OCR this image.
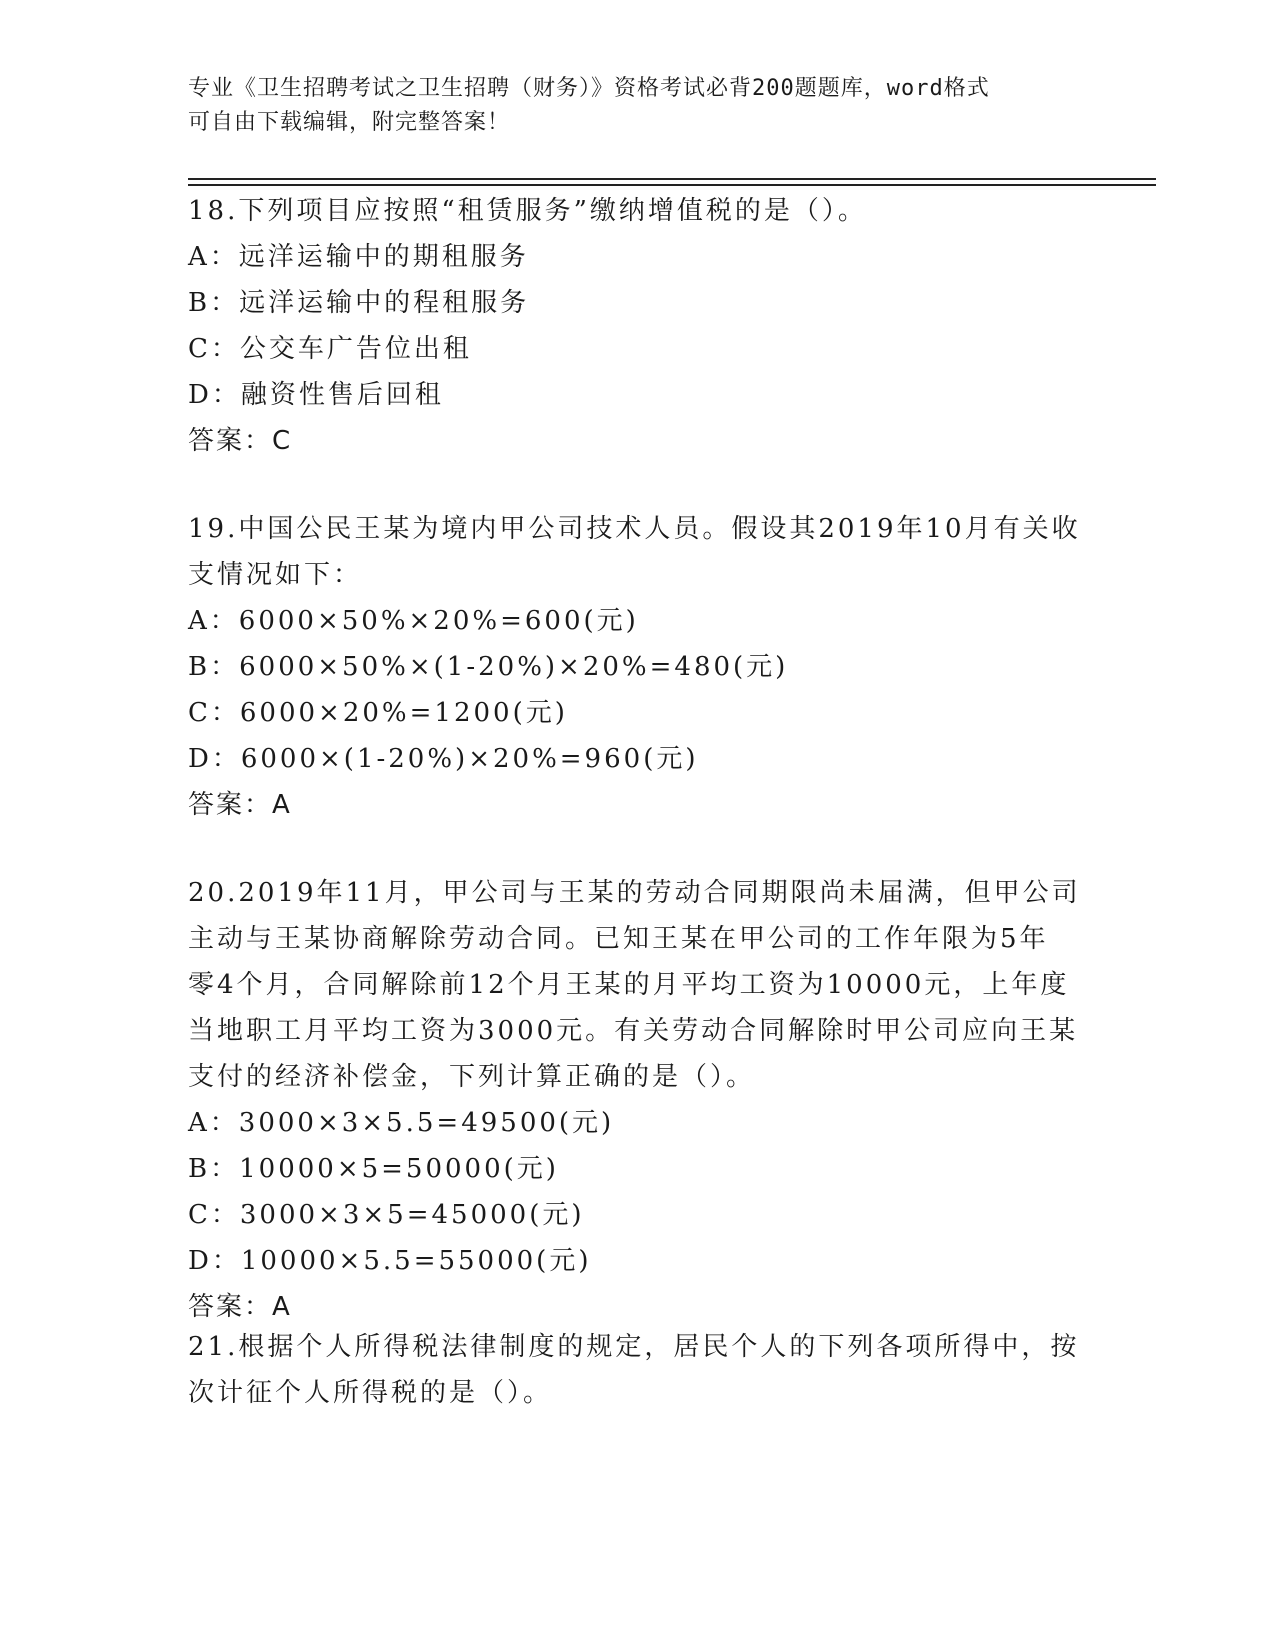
专业《卫生招聘考试之卫生招聘（财务）》资格考试必背200题题库，word格式
可自由下载编辑，附完整答案！
18.下列项目应按照“租赁服务”缴纳增值税的是（）。
A：远洋运输中的期租服务
B：远洋运输中的程租服务
C：公交车广告位出租
D：融资性售后回租
答案：C
19.中国公民王某为境内甲公司技术人员。假设其2019年10月有关收
支情况如下：
A：6000×50%×20%=600(元)
B：6000×50%×(1-20%)×20%=480(元)
C：6000×20%=1200(元)
D：6000×(1-20%)×20%=960(元)
答案：A
20.2019年11月，甲公司与王某的劳动合同期限尚未届满，但甲公司
主动与王某协商解除劳动合同。已知王某在甲公司的工作年限为5年
零4个月，合同解除前12个月王某的月平均工资为10000元，上年度
当地职工月平均工资为3000元。有关劳动合同解除时甲公司应向王某
支付的经济补偿金，下列计算正确的是（）。
A：3000×3×5.5=49500(元)
B：10000×5=50000(元)
C：3000×3×5=45000(元)
D：10000×5.5=55000(元)
答案：A
21.根据个人所得税法律制度的规定，居民个人的下列各项所得中，按
次计征个人所得税的是（）。
